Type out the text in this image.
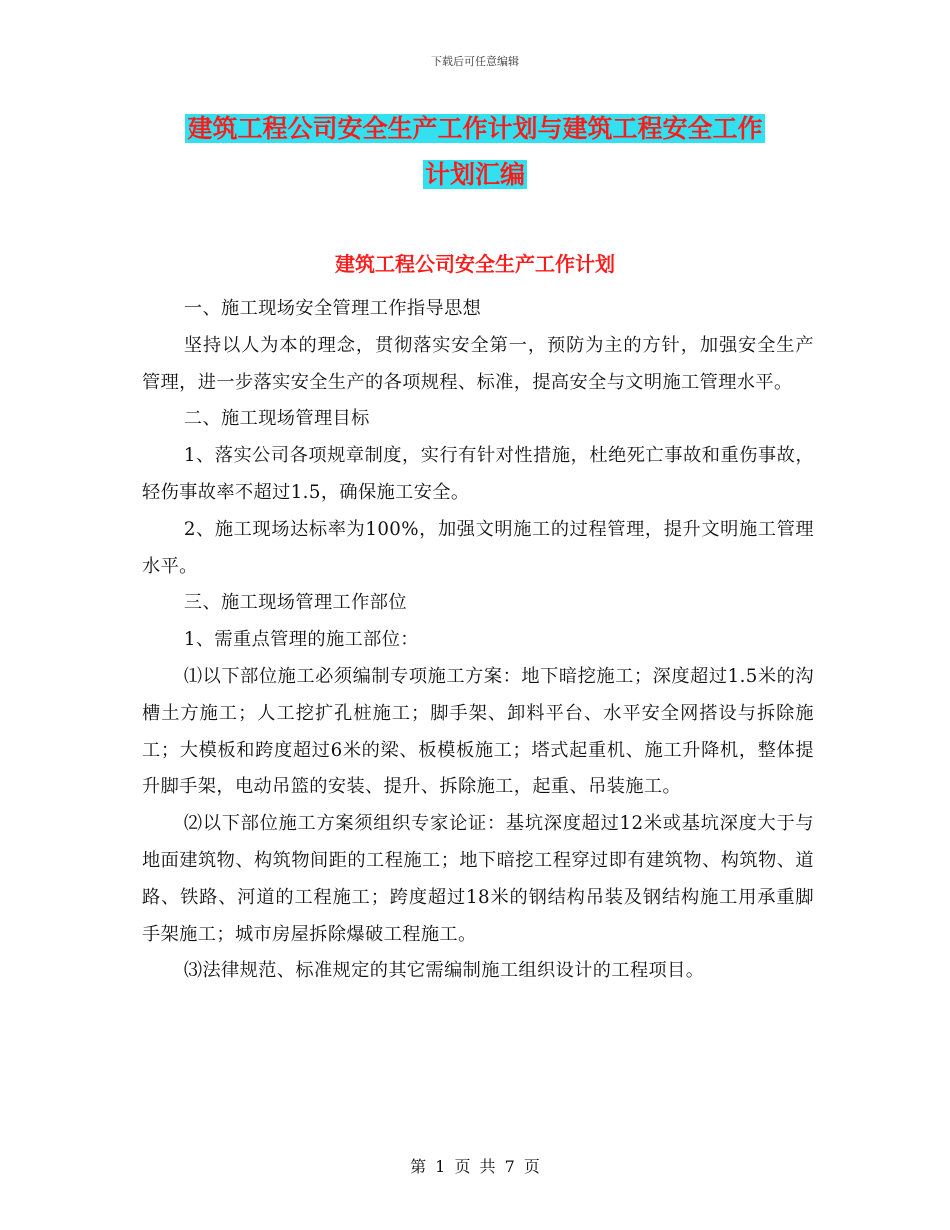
下载后可任意编辑
建筑工程公司安全生产工作计划与建筑工程安全工作
计划汇编
建筑工程公司安全生产工作计划

一、施工现场安全管理工作指导思想

坚持以人为本的理念，贯彻落实安全第一，预防为主的方针，加强安全生产管理，进一步落实安全生产的各项规程、标准，提高安全与文明施工管理水平。

二、施工现场管理目标

1、落实公司各项规章制度，实行有针对性措施，杜绝死亡事故和重伤事故，轻伤事故率不超过1.5，确保施工安全。

2、施工现场达标率为100%，加强文明施工的过程管理，提升文明施工管理水平。

三、施工现场管理工作部位

1、需重点管理的施工部位：

⑴以下部位施工必须编制专项施工方案：地下暗挖施工；深度超过1.5米的沟槽土方施工；人工挖扩孔桩施工；脚手架、卸料平台、水平安全网搭设与拆除施工；大模板和跨度超过6米的梁、板模板施工；塔式起重机、施工升降机，整体提升脚手架，电动吊篮的安装、提升、拆除施工，起重、吊装施工。

⑵以下部位施工方案须组织专家论证：基坑深度超过12米或基坑深度大于与地面建筑物、构筑物间距的工程施工；地下暗挖工程穿过即有建筑物、构筑物、道路、铁路、河道的工程施工；跨度超过18米的钢结构吊装及钢结构施工用承重脚手架施工；城市房屋拆除爆破工程施工。

⑶法律规范、标准规定的其它需编制施工组织设计的工程项目。

第 1 页 共 7 页
